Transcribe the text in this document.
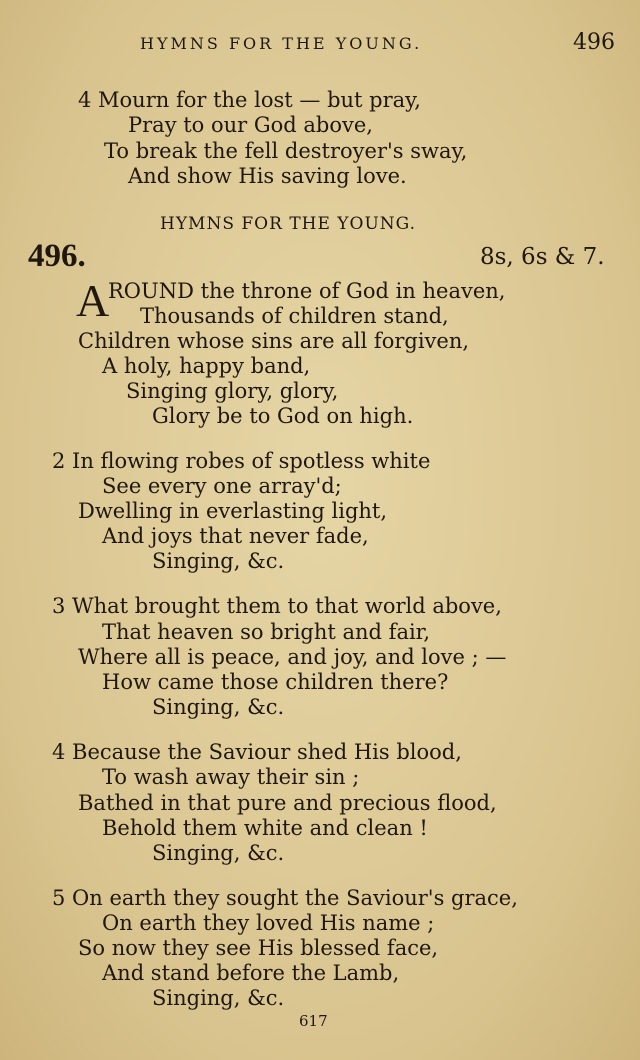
HYMNS FOR THE YOUNG.	496
4 Mourn for the lost — but pray,
Pray to our God above,
To break the fell destroyer's sway,
And show His saving love.
HYMNS FOR THE YOUNG.
496.	8s, 6s & 7.
A
ROUND the throne of God in heaven,
Thousands of children stand,
Children whose sins are all forgiven,
A holy, happy band,
Singing glory, glory,
Glory be to God on high.
2 In flowing robes of spotless white
See every one array'd;
Dwelling in everlasting light,
And joys that never fade,
Singing, &c.
3 What brought them to that world above,
That heaven so bright and fair,
Where all is peace, and joy, and love ; —
How came those children there?
Singing, &c.
4 Because the Saviour shed His blood,
To wash away their sin ;
Bathed in that pure and precious flood,
Behold them white and clean !
Singing, &c.
5 On earth they sought the Saviour's grace,
On earth they loved His name ;
So now they see His blessed face,
And stand before the Lamb,
Singing, &c.
617
